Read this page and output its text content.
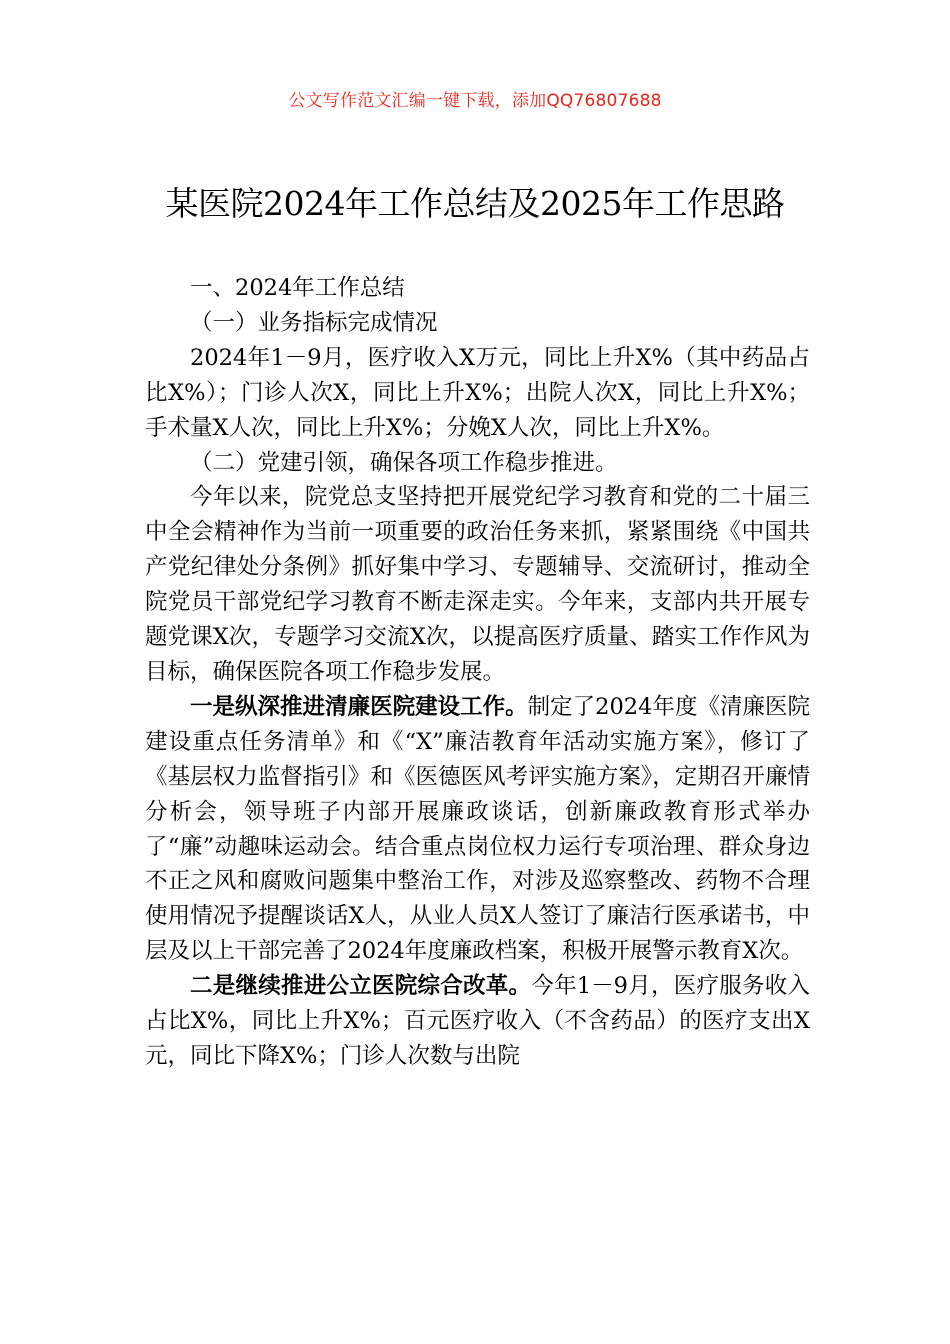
公文写作范文汇编一键下载，添加QQ76807688
某医院2024年工作总结及2025年工作思路

一、2024年工作总结

（一）业务指标完成情况

2024年1－9月，医疗收入X万元，同比上升X%（其中药品占比X%）；门诊人次X，同比上升X%；出院人次X，同比上升X%；手术量X人次，同比上升X%；分娩X人次，同比上升X%。

（二）党建引领，确保各项工作稳步推进。

今年以来，院党总支坚持把开展党纪学习教育和党的二十届三中全会精神作为当前一项重要的政治任务来抓，紧紧围绕《中国共产党纪律处分条例》抓好集中学习、专题辅导、交流研讨，推动全院党员干部党纪学习教育不断走深走实。今年来，支部内共开展专题党课X次，专题学习交流X次，以提高医疗质量、踏实工作作风为目标，确保医院各项工作稳步发展。

一是纵深推进清廉医院建设工作。制定了2024年度《清廉医院建设重点任务清单》和《“X”廉洁教育年活动实施方案》，修订了《基层权力监督指引》和《医德医风考评实施方案》，定期召开廉情分析会，领导班子内部开展廉政谈话，创新廉政教育形式举办了“廉”动趣味运动会。结合重点岗位权力运行专项治理、群众身边不正之风和腐败问题集中整治工作，对涉及巡察整改、药物不合理使用情况予提醒谈话X人，从业人员X人签订了廉洁行医承诺书，中层及以上干部完善了2024年度廉政档案，积极开展警示教育X次。

二是继续推进公立医院综合改革。今年1－9月，医疗服务收入占比X%，同比上升X%；百元医疗收入（不含药品）的医疗支出X元，同比下降X%；门诊人次数与出院
